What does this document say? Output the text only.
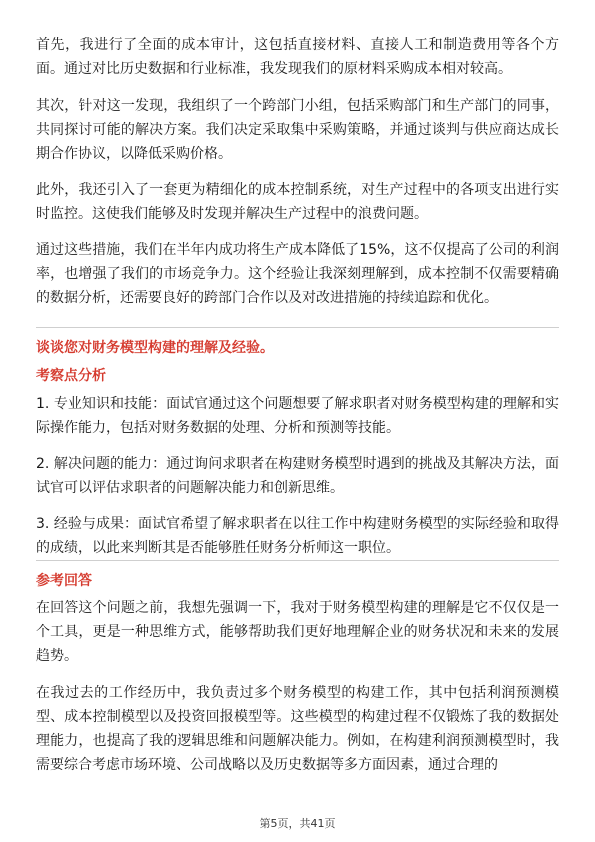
首先，我进行了全面的成本审计，这包括直接材料、直接人工和制造费用等各个方面。通过对比历史数据和行业标准，我发现我们的原材料采购成本相对较高。

其次，针对这一发现，我组织了一个跨部门小组，包括采购部门和生产部门的同事，共同探讨可能的解决方案。我们决定采取集中采购策略，并通过谈判与供应商达成长期合作协议，以降低采购价格。

此外，我还引入了一套更为精细化的成本控制系统，对生产过程中的各项支出进行实时监控。这使我们能够及时发现并解决生产过程中的浪费问题。

通过这些措施，我们在半年内成功将生产成本降低了15%，这不仅提高了公司的利润率，也增强了我们的市场竞争力。这个经验让我深刻理解到，成本控制不仅需要精确的数据分析，还需要良好的跨部门合作以及对改进措施的持续追踪和优化。

谈谈您对财务模型构建的理解及经验。

考察点分析

1. 专业知识和技能：面试官通过这个问题想要了解求职者对财务模型构建的理解和实际操作能力，包括对财务数据的处理、分析和预测等技能。

2. 解决问题的能力：通过询问求职者在构建财务模型时遇到的挑战及其解决方法，面试官可以评估求职者的问题解决能力和创新思维。

3. 经验与成果：面试官希望了解求职者在以往工作中构建财务模型的实际经验和取得的成绩，以此来判断其是否能够胜任财务分析师这一职位。

参考回答

在回答这个问题之前，我想先强调一下，我对于财务模型构建的理解是它不仅仅是一个工具，更是一种思维方式，能够帮助我们更好地理解企业的财务状况和未来的发展趋势。

在我过去的工作经历中，我负责过多个财务模型的构建工作，其中包括利润预测模型、成本控制模型以及投资回报模型等。这些模型的构建过程不仅锻炼了我的数据处理能力，也提高了我的逻辑思维和问题解决能力。例如，在构建利润预测模型时，我需要综合考虑市场环境、公司战略以及历史数据等多方面因素，通过合理的

第5页，共41页
